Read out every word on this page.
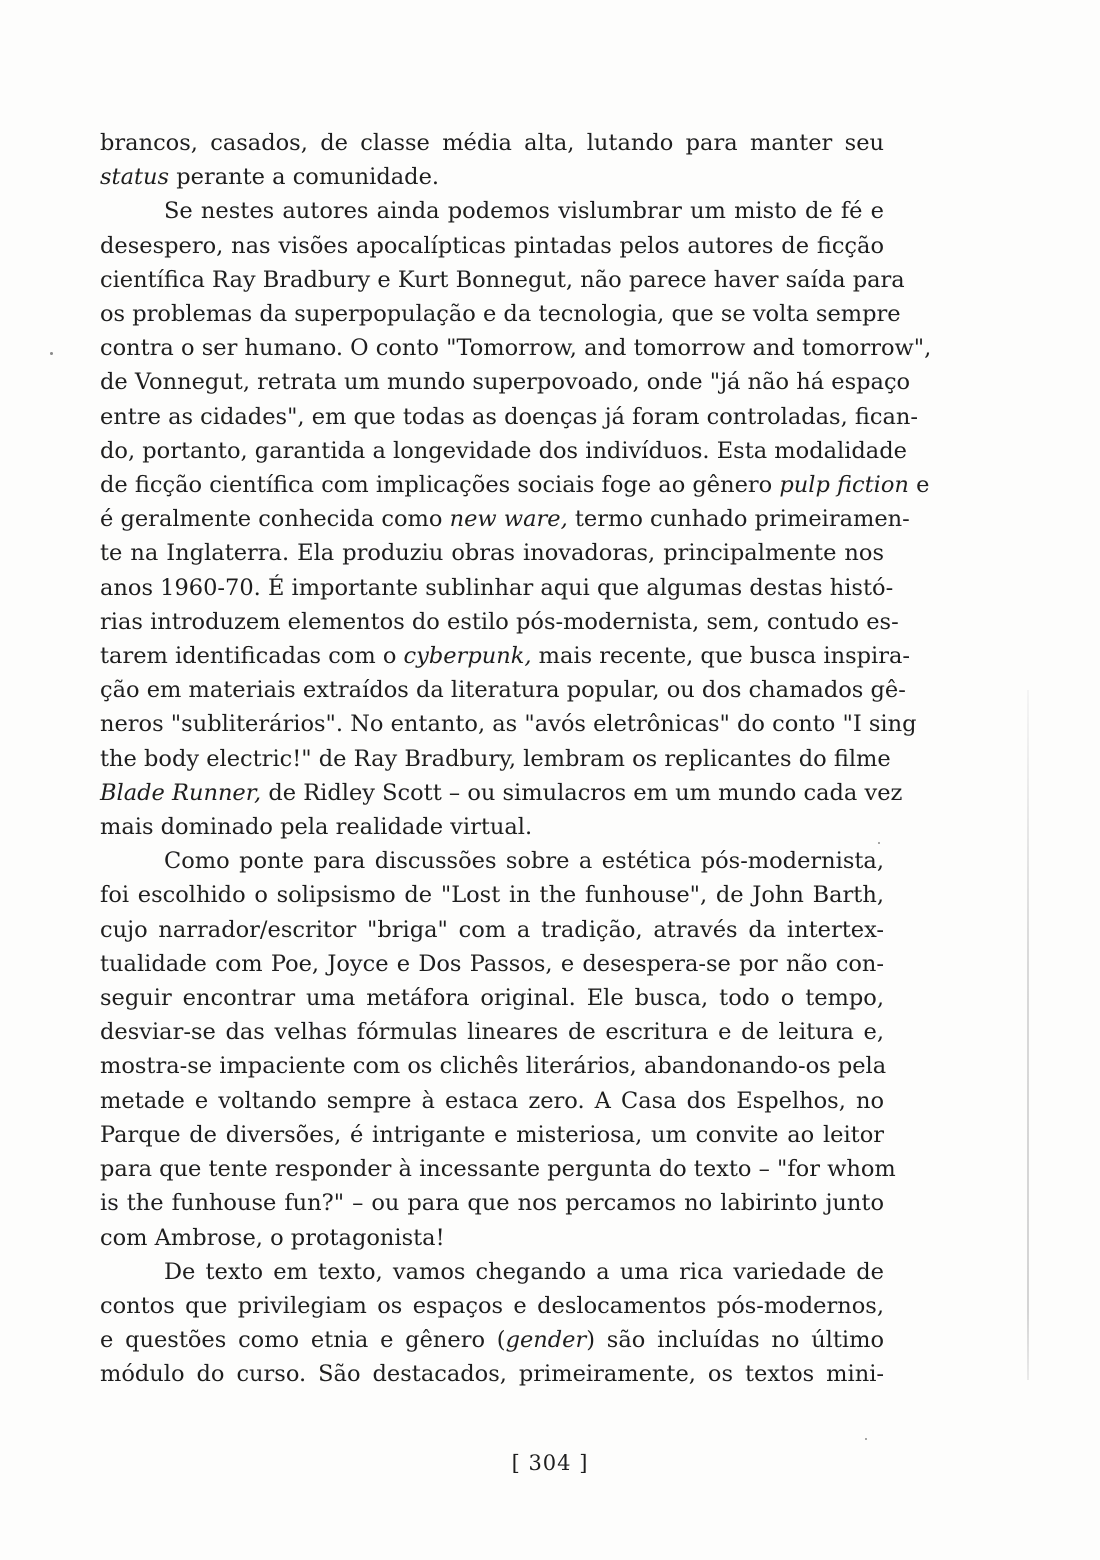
brancos, casados, de classe média alta, lutando para manter seu
status perante a comunidade.
Se nestes autores ainda podemos vislumbrar um misto de fé e
desespero, nas visões apocalípticas pintadas pelos autores de ficção
científica Ray Bradbury e Kurt Bonnegut, não parece haver saída para
os problemas da superpopulação e da tecnologia, que se volta sempre
contra o ser humano. O conto "Tomorrow, and tomorrow and tomorrow",
de Vonnegut, retrata um mundo superpovoado, onde "já não há espaço
entre as cidades", em que todas as doenças já foram controladas, fican-
do, portanto, garantida a longevidade dos indivíduos. Esta modalidade
de ficção científica com implicações sociais foge ao gênero pulp fiction e
é geralmente conhecida como new ware, termo cunhado primeiramen-
te na Inglaterra. Ela produziu obras inovadoras, principalmente nos
anos 1960-70. É importante sublinhar aqui que algumas destas histó-
rias introduzem elementos do estilo pós-modernista, sem, contudo es-
tarem identificadas com o cyberpunk, mais recente, que busca inspira-
ção em materiais extraídos da literatura popular, ou dos chamados gê-
neros "subliterários". No entanto, as "avós eletrônicas" do conto "I sing
the body electric!" de Ray Bradbury, lembram os replicantes do filme
Blade Runner, de Ridley Scott – ou simulacros em um mundo cada vez
mais dominado pela realidade virtual.
Como ponte para discussões sobre a estética pós-modernista,
foi escolhido o solipsismo de "Lost in the funhouse", de John Barth,
cujo narrador/escritor "briga" com a tradição, através da intertex-
tualidade com Poe, Joyce e Dos Passos, e desespera-se por não con-
seguir encontrar uma metáfora original. Ele busca, todo o tempo,
desviar-se das velhas fórmulas lineares de escritura e de leitura e,
mostra-se impaciente com os clichês literários, abandonando-os pela
metade e voltando sempre à estaca zero. A Casa dos Espelhos, no
Parque de diversões, é intrigante e misteriosa, um convite ao leitor
para que tente responder à incessante pergunta do texto – "for whom
is the funhouse fun?" – ou para que nos percamos no labirinto junto
com Ambrose, o protagonista!
De texto em texto, vamos chegando a uma rica variedade de
contos que privilegiam os espaços e deslocamentos pós-modernos,
e questões como etnia e gênero (gender) são incluídas no último
módulo do curso. São destacados, primeiramente, os textos mini-
[ 304 ]
